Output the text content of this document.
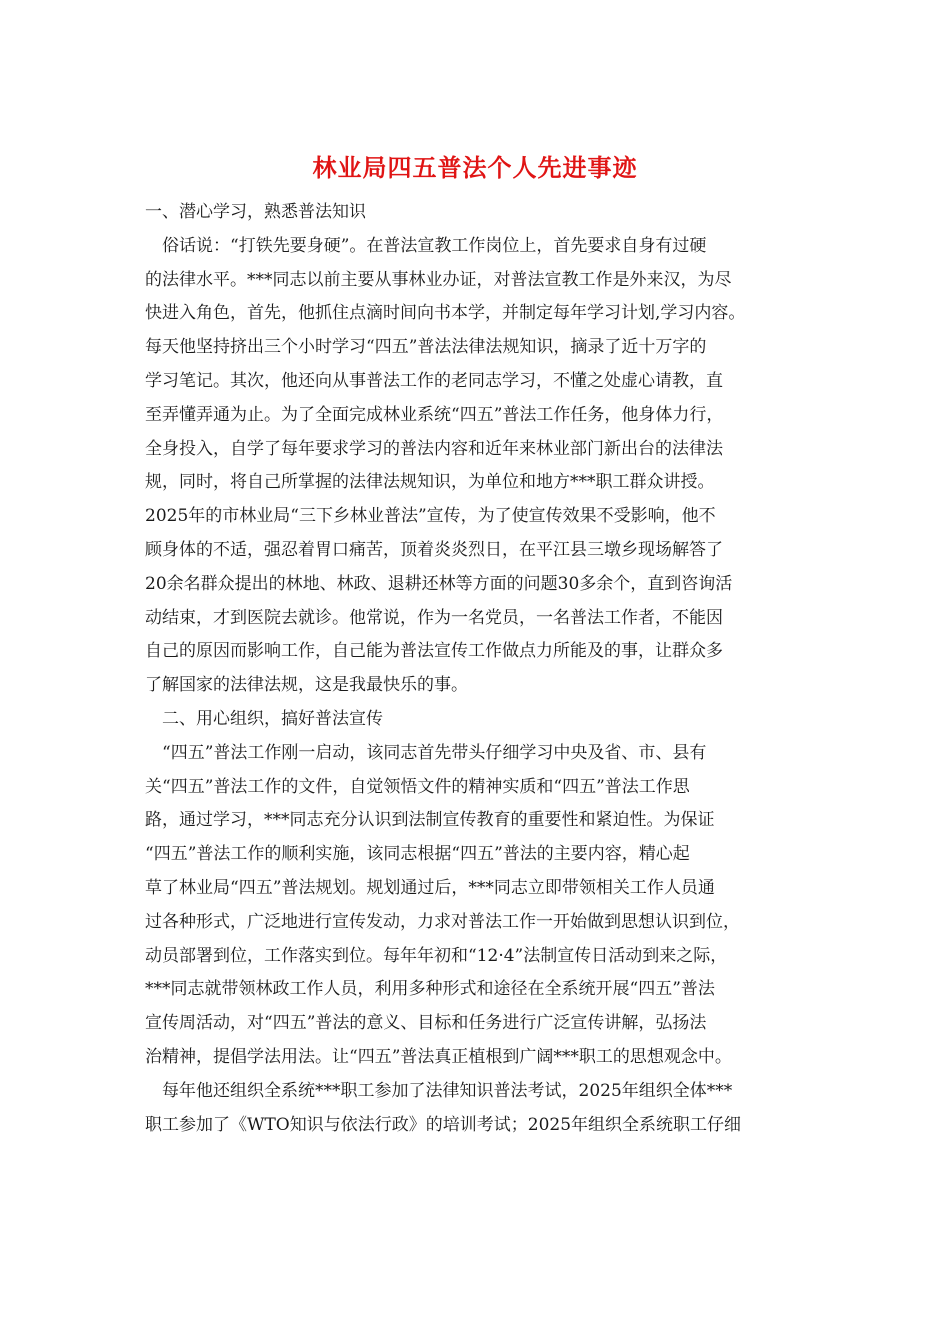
林业局四五普法个人先进事迹

一、潜心学习，熟悉普法知识

　俗话说：“打铁先要身硬”。在普法宣教工作岗位上，首先要求自身有过硬

的法律水平。***同志以前主要从事林业办证，对普法宣教工作是外来汉，为尽

快进入角色，首先，他抓住点滴时间向书本学，并制定每年学习计划,学习内容。

每天他坚持挤出三个小时学习“四五”普法法律法规知识，摘录了近十万字的

学习笔记。其次，他还向从事普法工作的老同志学习，不懂之处虚心请教，直

至弄懂弄通为止。为了全面完成林业系统“四五”普法工作任务，他身体力行，

全身投入，自学了每年要求学习的普法内容和近年来林业部门新出台的法律法

规，同时，将自己所掌握的法律法规知识，为单位和地方***职工群众讲授。

2025年的市林业局“三下乡林业普法”宣传，为了使宣传效果不受影响，他不

顾身体的不适，强忍着胃口痛苦，顶着炎炎烈日，在平江县三墩乡现场解答了

20余名群众提出的林地、林政、退耕还林等方面的问题30多余个，直到咨询活

动结束，才到医院去就诊。他常说，作为一名党员，一名普法工作者，不能因

自己的原因而影响工作，自己能为普法宣传工作做点力所能及的事，让群众多

了解国家的法律法规，这是我最快乐的事。

　二、用心组织，搞好普法宣传

　“四五”普法工作刚一启动，该同志首先带头仔细学习中央及省、市、县有

关“四五”普法工作的文件，自觉领悟文件的精神实质和“四五”普法工作思

路，通过学习，***同志充分认识到法制宣传教育的重要性和紧迫性。为保证

“四五”普法工作的顺利实施，该同志根据“四五”普法的主要内容，精心起

草了林业局“四五”普法规划。规划通过后，***同志立即带领相关工作人员通

过各种形式，广泛地进行宣传发动，力求对普法工作一开始做到思想认识到位，

动员部署到位，工作落实到位。每年年初和“12·4”法制宣传日活动到来之际，

***同志就带领林政工作人员，利用多种形式和途径在全系统开展“四五”普法

宣传周活动，对“四五”普法的意义、目标和任务进行广泛宣传讲解，弘扬法

治精神，提倡学法用法。让“四五”普法真正植根到广阔***职工的思想观念中。

　每年他还组织全系统***职工参加了法律知识普法考试，2025年组织全体***

职工参加了《WTO知识与依法行政》的培训考试；2025年组织全系统职工仔细
